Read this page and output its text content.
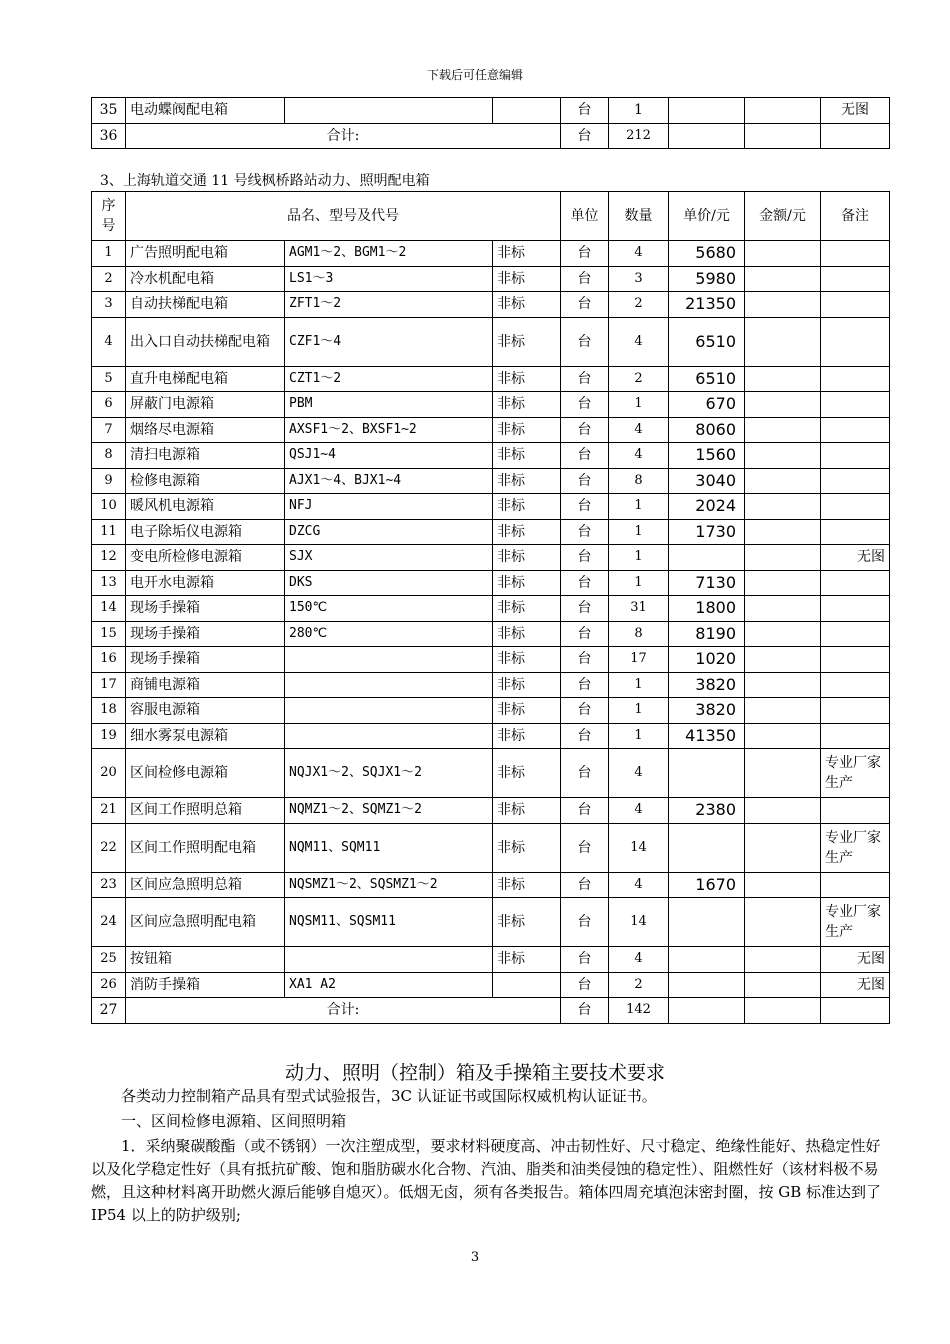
下载后可任意编辑
35	电动蝶阀配电箱			台	1			无图
36	合计:			台	212			
3、上海轨道交通 11 号线枫桥路站动力、照明配电箱
序号	品名、型号及代号			单位	数量	单价/元	金额/元	备注
1	广告照明配电箱	AGM1～2、BGM1～2	非标	台	4	5680		
2	冷水机配电箱	LS1～3	非标	台	3	5980		
3	自动扶梯配电箱	ZFT1～2	非标	台	2	21350		
4	出入口自动扶梯配电箱	CZF1～4	非标	台	4	6510		
5	直升电梯配电箱	CZT1～2	非标	台	2	6510		
6	屏蔽门电源箱	PBM	非标	台	1	670		
7	烟络尽电源箱	AXSF1～2、BXSF1~2	非标	台	4	8060		
8	清扫电源箱	QSJ1~4	非标	台	4	1560		
9	检修电源箱	AJX1～4、BJX1~4	非标	台	8	3040		
10	暖风机电源箱	NFJ	非标	台	1	2024		
11	电子除垢仪电源箱	DZCG	非标	台	1	1730		
12	变电所检修电源箱	SJX	非标	台	1			无图
13	电开水电源箱	DKS	非标	台	1	7130		
14	现场手操箱	150℃	非标	台	31	1800		
15	现场手操箱	280℃	非标	台	8	8190		
16	现场手操箱		非标	台	17	1020		
17	商铺电源箱		非标	台	1	3820		
18	容服电源箱		非标	台	1	3820		
19	细水雾泵电源箱		非标	台	1	41350		
20	区间检修电源箱	NQJX1～2、SQJX1～2	非标	台	4			专业厂家生产
21	区间工作照明总箱	NQMZ1～2、SQMZ1～2	非标	台	4	2380		
22	区间工作照明配电箱	NQM11、SQM11	非标	台	14			专业厂家生产
23	区间应急照明总箱	NQSMZ1～2、SQSMZ1～2	非标	台	4	1670		
24	区间应急照明配电箱	NQSM11、SQSM11	非标	台	14			专业厂家生产
25	按钮箱		非标	台	4			无图
26	消防手操箱	XA1 A2		台	2			无图
27	合计:			台	142			
动力、照明（控制）箱及手操箱主要技术要求
各类动力控制箱产品具有型式试验报告，3C 认证证书或国际权威机构认证证书。
一、区间检修电源箱、区间照明箱
1．采纳聚碳酸酯（或不锈钢）一次注塑成型，要求材料硬度高、冲击韧性好、尺寸稳定、绝缘性能好、热稳定性好以及化学稳定性好（具有抵抗矿酸、饱和脂肪碳水化合物、汽油、脂类和油类侵蚀的稳定性）、阻燃性好（该材料极不易燃，且这种材料离开助燃火源后能够自熄灭）。低烟无卤，须有各类报告。箱体四周充填泡沫密封圈，按 GB 标准达到了 IP54 以上的防护级别;
3
